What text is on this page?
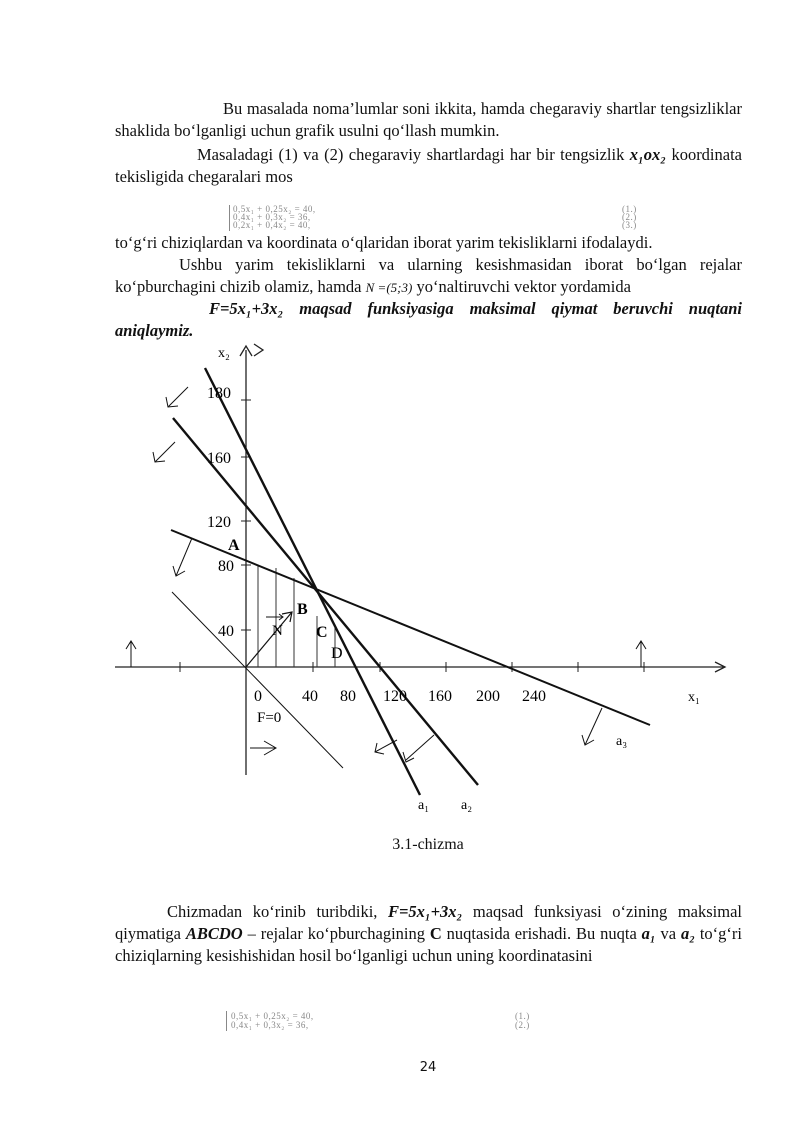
Bu masalada noma’lumlar soni ikkita, hamda chegaraviy shartlar tengsizliklar shaklida bo‘lganligi uchun grafik usulni qo‘llash mumkin.

Masaladagi (1) va (2) chegaraviy shartlardagi har bir tengsizlik x₁ox₂ koordinata tekisligida chegaralari mos

0,5x₁ + 0,25x₂ = 40,
0,4x₁ + 0,3x₂ = 36,
0,2x₁ + 0,4x₂ = 40,
(1.)
(2.)
(3.)

to‘g‘ri chiziqlardan va koordinata o‘qlaridan iborat yarim tekisliklarni ifodalaydi.

Ushbu yarim tekisliklarni va ularning kesishmasidan iborat bo‘lgan rejalar ko‘pburchagini chizib olamiz, hamda N =(5;3) yo‘naltiruvchi vektor yordamida

F=5x₁+3x₂ maqsad funksiyasiga maksimal qiymat beruvchi nuqtani aniqlaymiz.

x₂
x₁
40
80
120
160
180
0	40 80 120 160 200 240
A
B
C
D
N
F=0
a₁ a₂
a₃
3.1-chizma

Chizmadan ko‘rinib turibdiki, F=5x₁+3x₂ maqsad funksiyasi o‘zining maksimal qiymatiga ABCDO – rejalar ko‘pburchagining C nuqtasida erishadi. Bu nuqta a₁ va a₂ to‘g‘ri chiziqlarning kesishishidan hosil bo‘lganligi uchun uning koordinatasini

0,5x₁ + 0,25x₂ = 40,
0,4x₁ + 0,3x₂ = 36,
(1.)
(2.)
24
